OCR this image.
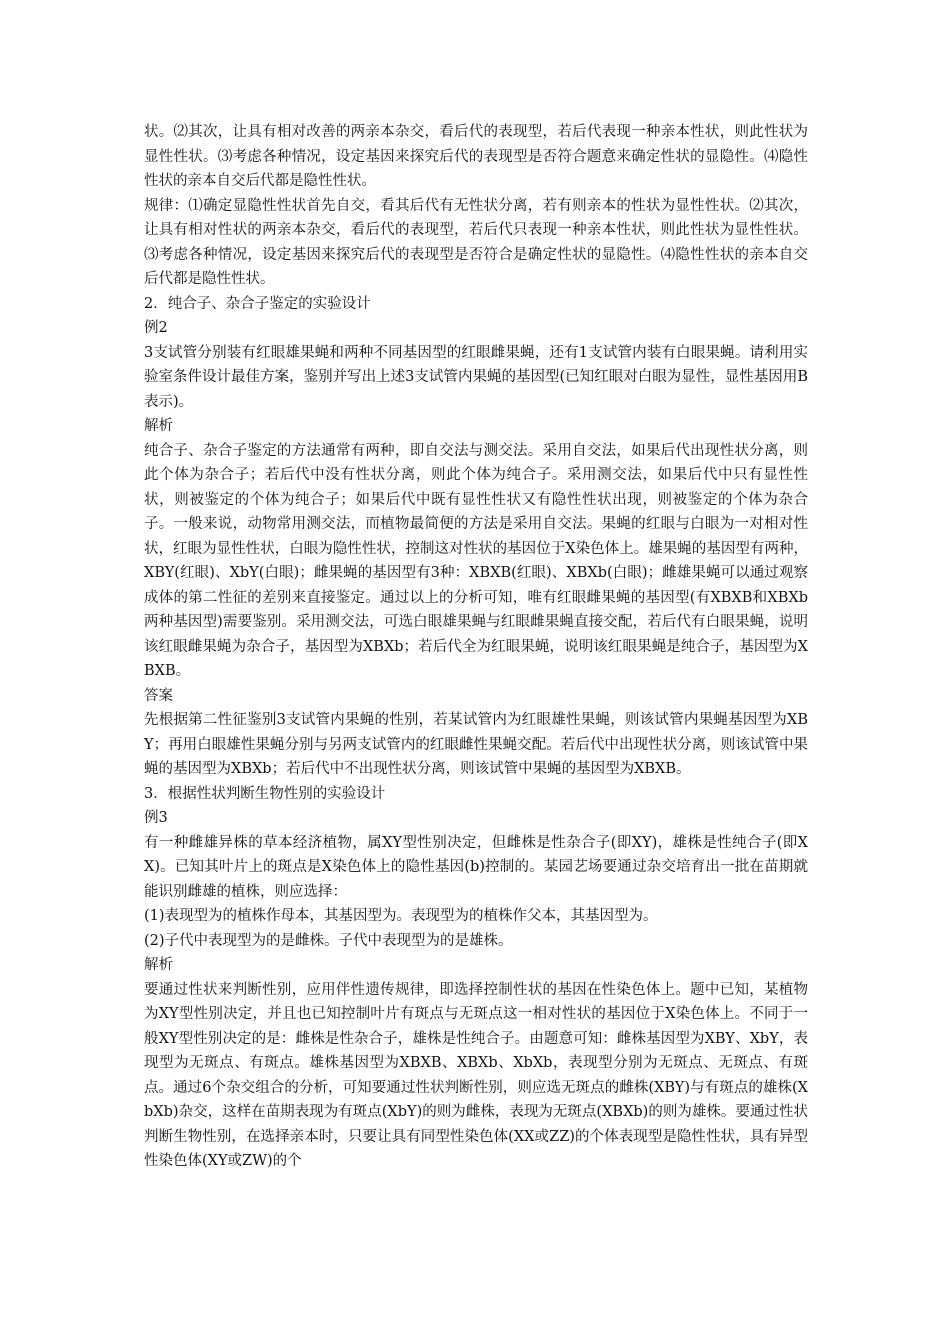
状。⑵其次，让具有相对改善的两亲本杂交，看后代的表现型，若后代表现一种亲本性状，则此性状为显性性状。⑶考虑各种情况，设定基因来探究后代的表现型是否符合题意来确定性状的显隐性。⑷隐性性状的亲本自交后代都是隐性性状。

规律：⑴确定显隐性性状首先自交，看其后代有无性状分离，若有则亲本的性状为显性性状。⑵其次，让具有相对性状的两亲本杂交，看后代的表现型，若后代只表现一种亲本性状，则此性状为显性性状。⑶考虑各种情况，设定基因来探究后代的表现型是否符合是确定性状的显隐性。⑷隐性性状的亲本自交后代都是隐性性状。

2．纯合子、杂合子鉴定的实验设计

例2

3支试管分别装有红眼雄果蝇和两种不同基因型的红眼雌果蝇，还有1支试管内装有白眼果蝇。请利用实验室条件设计最佳方案，鉴别并写出上述3支试管内果蝇的基因型(已知红眼对白眼为显性，显性基因用B表示)。

解析

纯合子、杂合子鉴定的方法通常有两种，即自交法与测交法。采用自交法，如果后代出现性状分离，则此个体为杂合子；若后代中没有性状分离，则此个体为纯合子。采用测交法，如果后代中只有显性性状，则被鉴定的个体为纯合子；如果后代中既有显性性状又有隐性性状出现，则被鉴定的个体为杂合子。一般来说，动物常用测交法，而植物最简便的方法是采用自交法。果蝇的红眼与白眼为一对相对性状，红眼为显性性状，白眼为隐性性状，控制这对性状的基因位于X染色体上。雄果蝇的基因型有两种，XBY(红眼)、XbY(白眼)；雌果蝇的基因型有3种：XBXB(红眼)、XBXb(白眼)；雌雄果蝇可以通过观察成体的第二性征的差别来直接鉴定。通过以上的分析可知，唯有红眼雌果蝇的基因型(有XBXB和XBXb两种基因型)需要鉴别。采用测交法，可选白眼雄果蝇与红眼雌果蝇直接交配，若后代有白眼果蝇，说明该红眼雌果蝇为杂合子，基因型为XBXb；若后代全为红眼果蝇，说明该红眼果蝇是纯合子，基因型为XBXB。

答案

先根据第二性征鉴别3支试管内果蝇的性别，若某试管内为红眼雄性果蝇，则该试管内果蝇基因型为XBY；再用白眼雄性果蝇分别与另两支试管内的红眼雌性果蝇交配。若后代中出现性状分离，则该试管中果蝇的基因型为XBXb；若后代中不出现性状分离，则该试管中果蝇的基因型为XBXB。

3．根据性状判断生物性别的实验设计

例3

有一种雌雄异株的草本经济植物，属XY型性别决定，但雌株是性杂合子(即XY)，雄株是性纯合子(即XX)。已知其叶片上的斑点是X染色体上的隐性基因(b)控制的。某园艺场要通过杂交培育出一批在苗期就能识别雌雄的植株，则应选择：

(1)表现型为的植株作母本，其基因型为。表现型为的植株作父本，其基因型为。

(2)子代中表现型为的是雌株。子代中表现型为的是雄株。

解析

要通过性状来判断性别，应用伴性遗传规律，即选择控制性状的基因在性染色体上。题中已知，某植物为XY型性别决定，并且也已知控制叶片有斑点与无斑点这一相对性状的基因位于X染色体上。不同于一般XY型性别决定的是：雌株是性杂合子，雄株是性纯合子。由题意可知：雌株基因型为XBY、XbY，表现型为无斑点、有斑点。雄株基因型为XBXB、XBXb、XbXb，表现型分别为无斑点、无斑点、有斑点。通过6个杂交组合的分析，可知要通过性状判断性别，则应选无斑点的雌株(XBY)与有斑点的雄株(XbXb)杂交，这样在苗期表现为有斑点(XbY)的则为雌株，表现为无斑点(XBXb)的则为雄株。要通过性状判断生物性别，在选择亲本时，只要让具有同型性染色体(XX或ZZ)的个体表现型是隐性性状，具有异型性染色体(XY或ZW)的个
